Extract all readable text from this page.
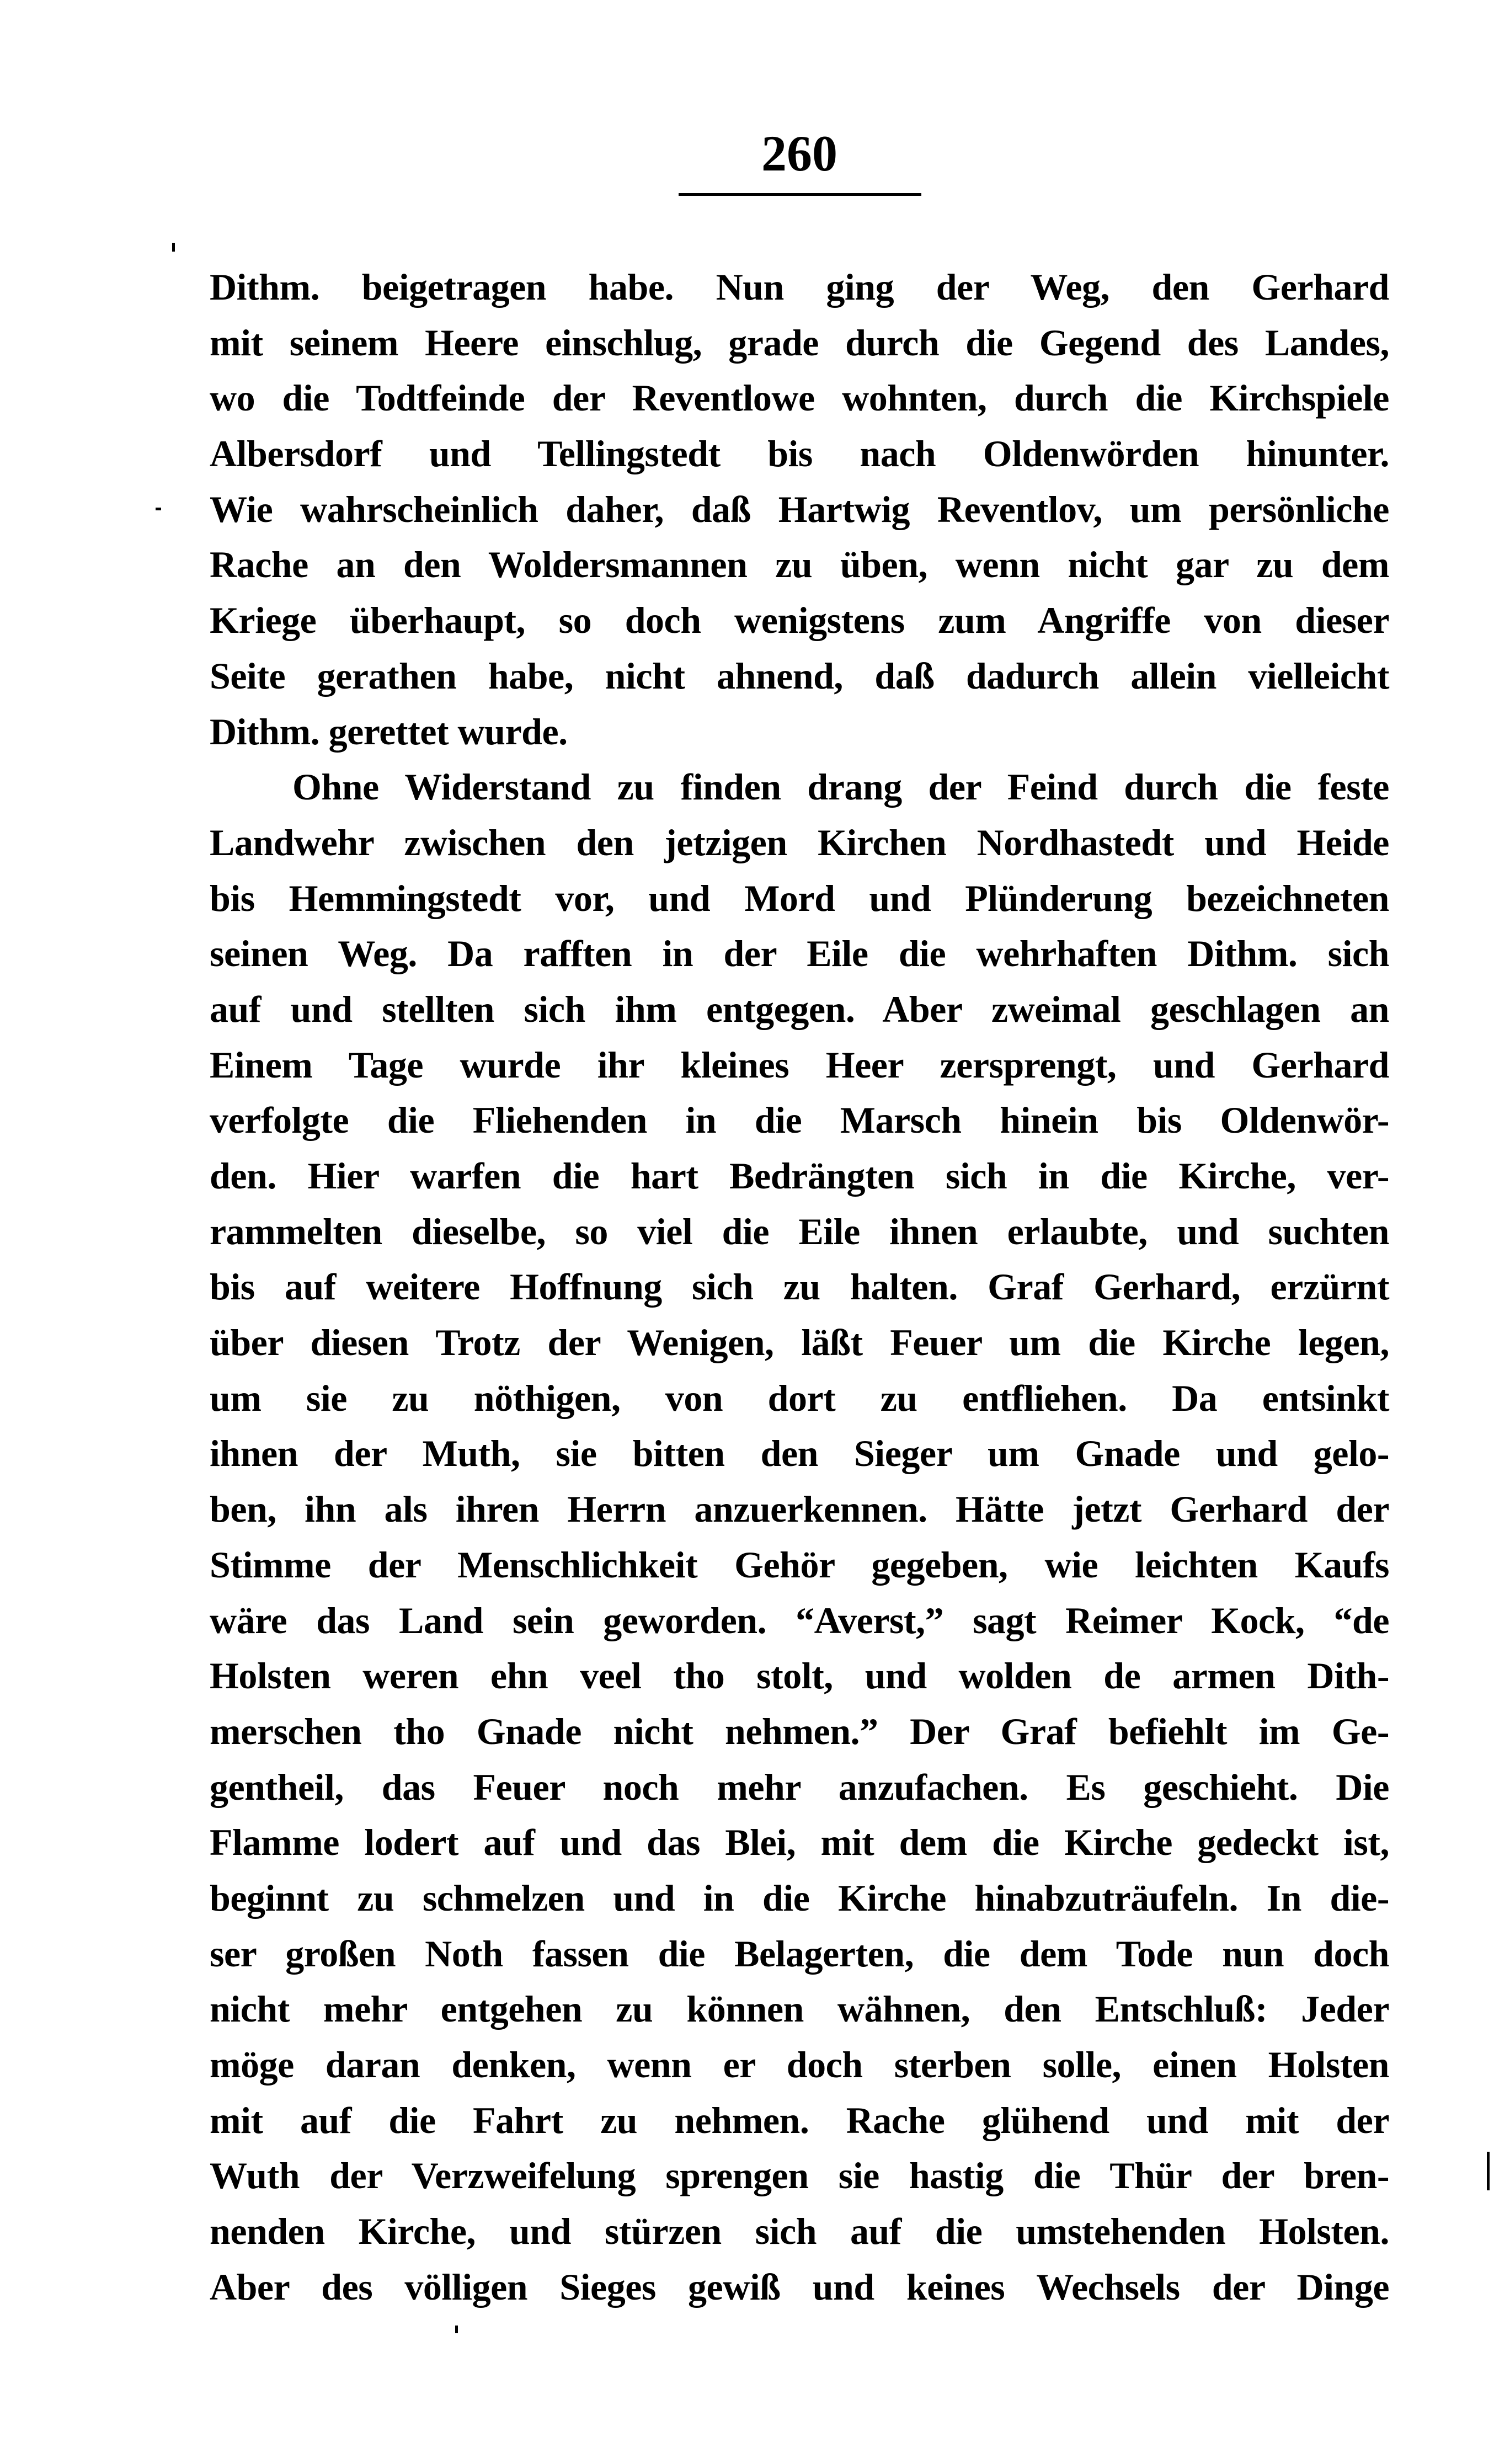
260
Dithm. beigetragen habe. Nun ging der Weg, den Gerhard
mit seinem Heere einschlug, grade durch die Gegend des Landes,
wo die Todtfeinde der Reventlowe wohnten, durch die Kirchspiele
Albersdorf und Tellingstedt bis nach Oldenwörden hinunter.
Wie wahrscheinlich daher, daß Hartwig Reventlov, um persönliche
Rache an den Woldersmannen zu üben, wenn nicht gar zu dem
Kriege überhaupt, so doch wenigstens zum Angriffe von dieser
Seite gerathen habe, nicht ahnend, daß dadurch allein vielleicht
Dithm. gerettet wurde.
Ohne Widerstand zu finden drang der Feind durch die feste
Landwehr zwischen den jetzigen Kirchen Nordhastedt und Heide
bis Hemmingstedt vor, und Mord und Plünderung bezeichneten
seinen Weg. Da rafften in der Eile die wehrhaften Dithm. sich
auf und stellten sich ihm entgegen. Aber zweimal geschlagen an
Einem Tage wurde ihr kleines Heer zersprengt, und Gerhard
verfolgte die Fliehenden in die Marsch hinein bis Oldenwör-
den. Hier warfen die hart Bedrängten sich in die Kirche, ver-
rammelten dieselbe, so viel die Eile ihnen erlaubte, und suchten
bis auf weitere Hoffnung sich zu halten. Graf Gerhard, erzürnt
über diesen Trotz der Wenigen, läßt Feuer um die Kirche legen,
um sie zu nöthigen, von dort zu entfliehen. Da entsinkt
ihnen der Muth, sie bitten den Sieger um Gnade und gelo-
ben, ihn als ihren Herrn anzuerkennen. Hätte jetzt Gerhard der
Stimme der Menschlichkeit Gehör gegeben, wie leichten Kaufs
wäre das Land sein geworden. “Averst,” sagt Reimer Kock, “de
Holsten weren ehn veel tho stolt, und wolden de armen Dith-
merschen tho Gnade nicht nehmen.” Der Graf befiehlt im Ge-
gentheil, das Feuer noch mehr anzufachen. Es geschieht. Die
Flamme lodert auf und das Blei, mit dem die Kirche gedeckt ist,
beginnt zu schmelzen und in die Kirche hinabzuträufeln. In die-
ser großen Noth fassen die Belagerten, die dem Tode nun doch
nicht mehr entgehen zu können wähnen, den Entschluß: Jeder
möge daran denken, wenn er doch sterben solle, einen Holsten
mit auf die Fahrt zu nehmen. Rache glühend und mit der
Wuth der Verzweifelung sprengen sie hastig die Thür der bren-
nenden Kirche, und stürzen sich auf die umstehenden Holsten.
Aber des völligen Sieges gewiß und keines Wechsels der Dinge
